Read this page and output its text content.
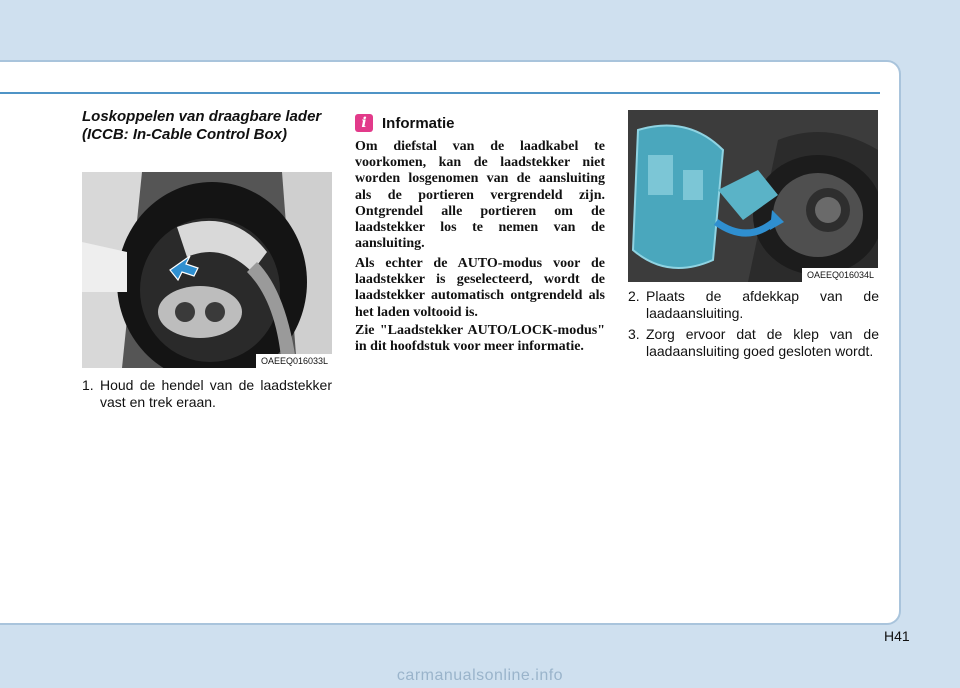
Loskoppelen van draagbare lader (ICCB: In-Cable Control Box)
OAEEQ016033L
1. Houd de hendel van de laadstekker vast en trek eraan.
i	Informatie
Om diefstal van de laadkabel te voorkomen, kan de laadstekker niet worden losgenomen van de aansluiting als de portieren vergrendeld zijn. Ontgrendel alle portieren om de laadstekker los te nemen van de aansluiting.
Als echter de AUTO-modus voor de laadstekker is geselecteerd, wordt de laadstekker automatisch ontgrendeld als het laden voltooid is.
Zie "Laadstekker AUTO/LOCK-modus" in dit hoofdstuk voor meer informatie.
OAEEQ016034L
2. Plaats de afdekkap van de laadaansluiting.
3. Zorg ervoor dat de klep van de laadaansluiting goed gesloten wordt.
H41
carmanualsonline.info
